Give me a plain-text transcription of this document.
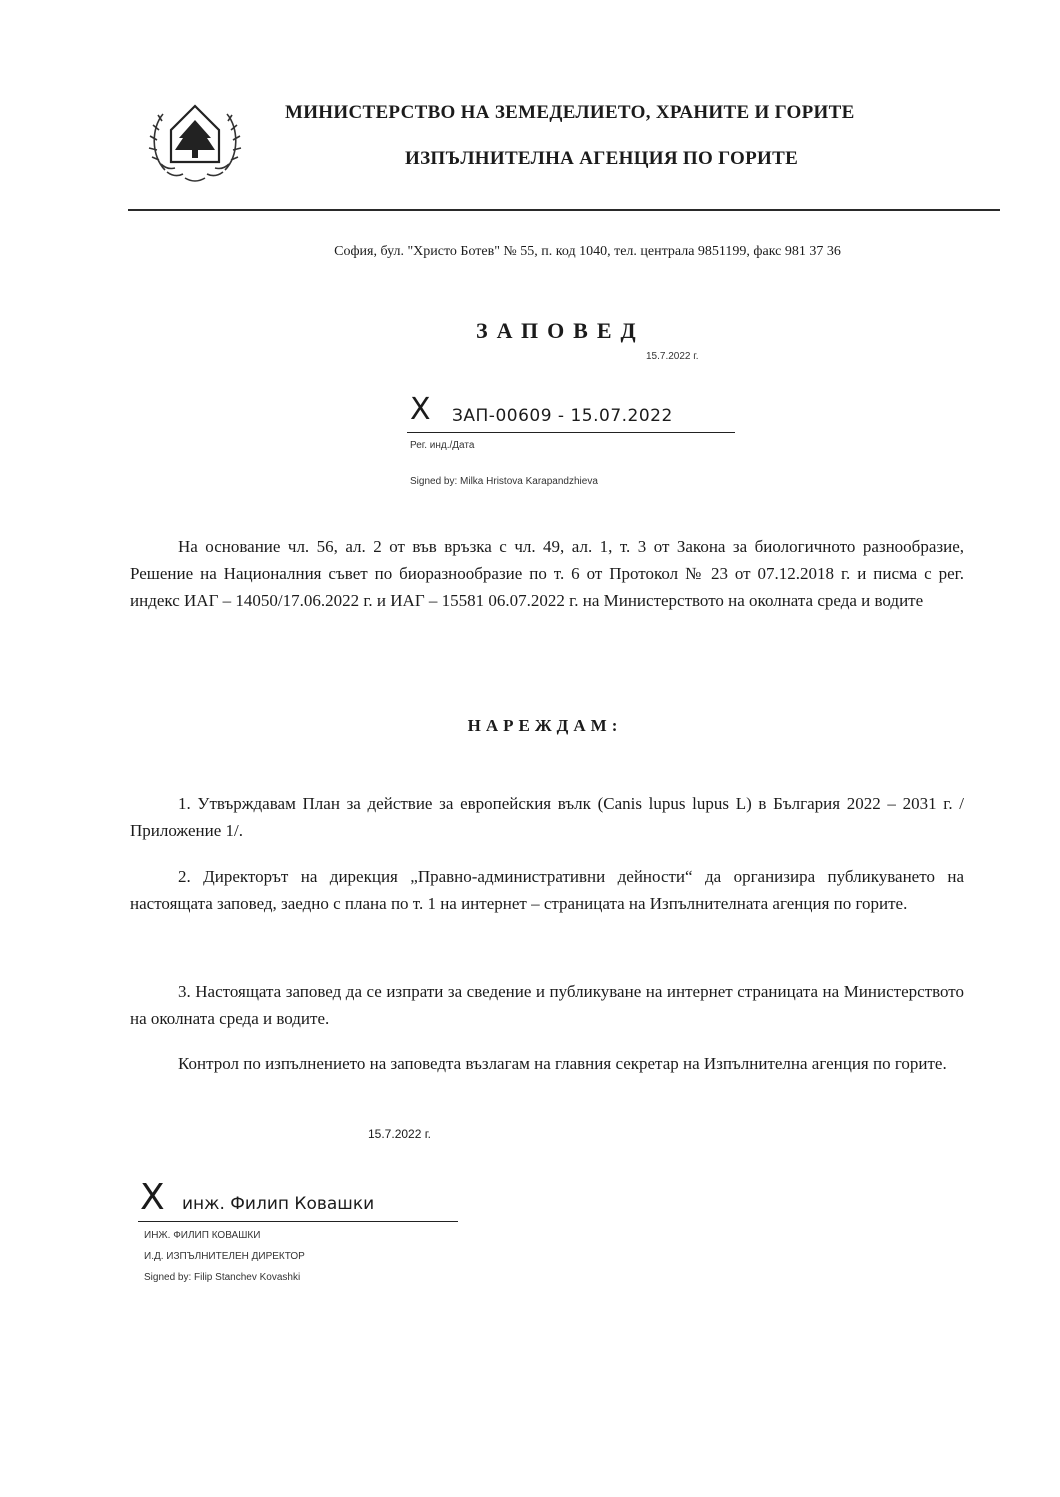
МИНИСТЕРСТВО НА ЗЕМЕДЕЛИЕТО, ХРАНИТЕ И ГОРИТЕ
ИЗПЪЛНИТЕЛНА АГЕНЦИЯ ПО ГОРИТЕ
София, бул. "Христо Ботев" № 55, п. код 1040, тел. централа 9851199, факс 981 37 36
ЗАПОВЕД
15.7.2022 г.
X ЗАП-00609 - 15.07.2022
Рег. инд./Дата
Signed by: Milka Hristova Karapandzhieva
На основание чл. 56, ал. 2 от във връзка с чл. 49, ал. 1, т. 3 от Закона за биологичното разнообразие, Решение на Националния съвет по биоразнообразие по т. 6 от Протокол № 23 от 07.12.2018 г. и писма с рег. индекс ИАГ – 14050/17.06.2022 г. и ИАГ – 15581 06.07.2022 г. на Министерството на околната среда и водите
НАРЕЖДАМ:
1. Утвърждавам План за действие за европейския вълк (Canis lupus lupus L) в България 2022 – 2031 г. /Приложение 1/.
2. Директорът на дирекция „Правно-административни дейности“ да организира публикуването на настоящата заповед, заедно с плана по т. 1 на интернет – страницата на Изпълнителната агенция по горите.
3. Настоящата заповед да се изпрати за сведение и публикуване на интернет страницата на Министерството на околната среда и водите.
Контрол по изпълнението на заповедта възлагам на главния секретар на Изпълнителна агенция по горите.
15.7.2022 г.
X инж. Филип Ковашки
ИНЖ. ФИЛИП КОВАШКИ
И.Д. ИЗПЪЛНИТЕЛЕН ДИРЕКТОР
Signed by: Filip Stanchev Kovashki
